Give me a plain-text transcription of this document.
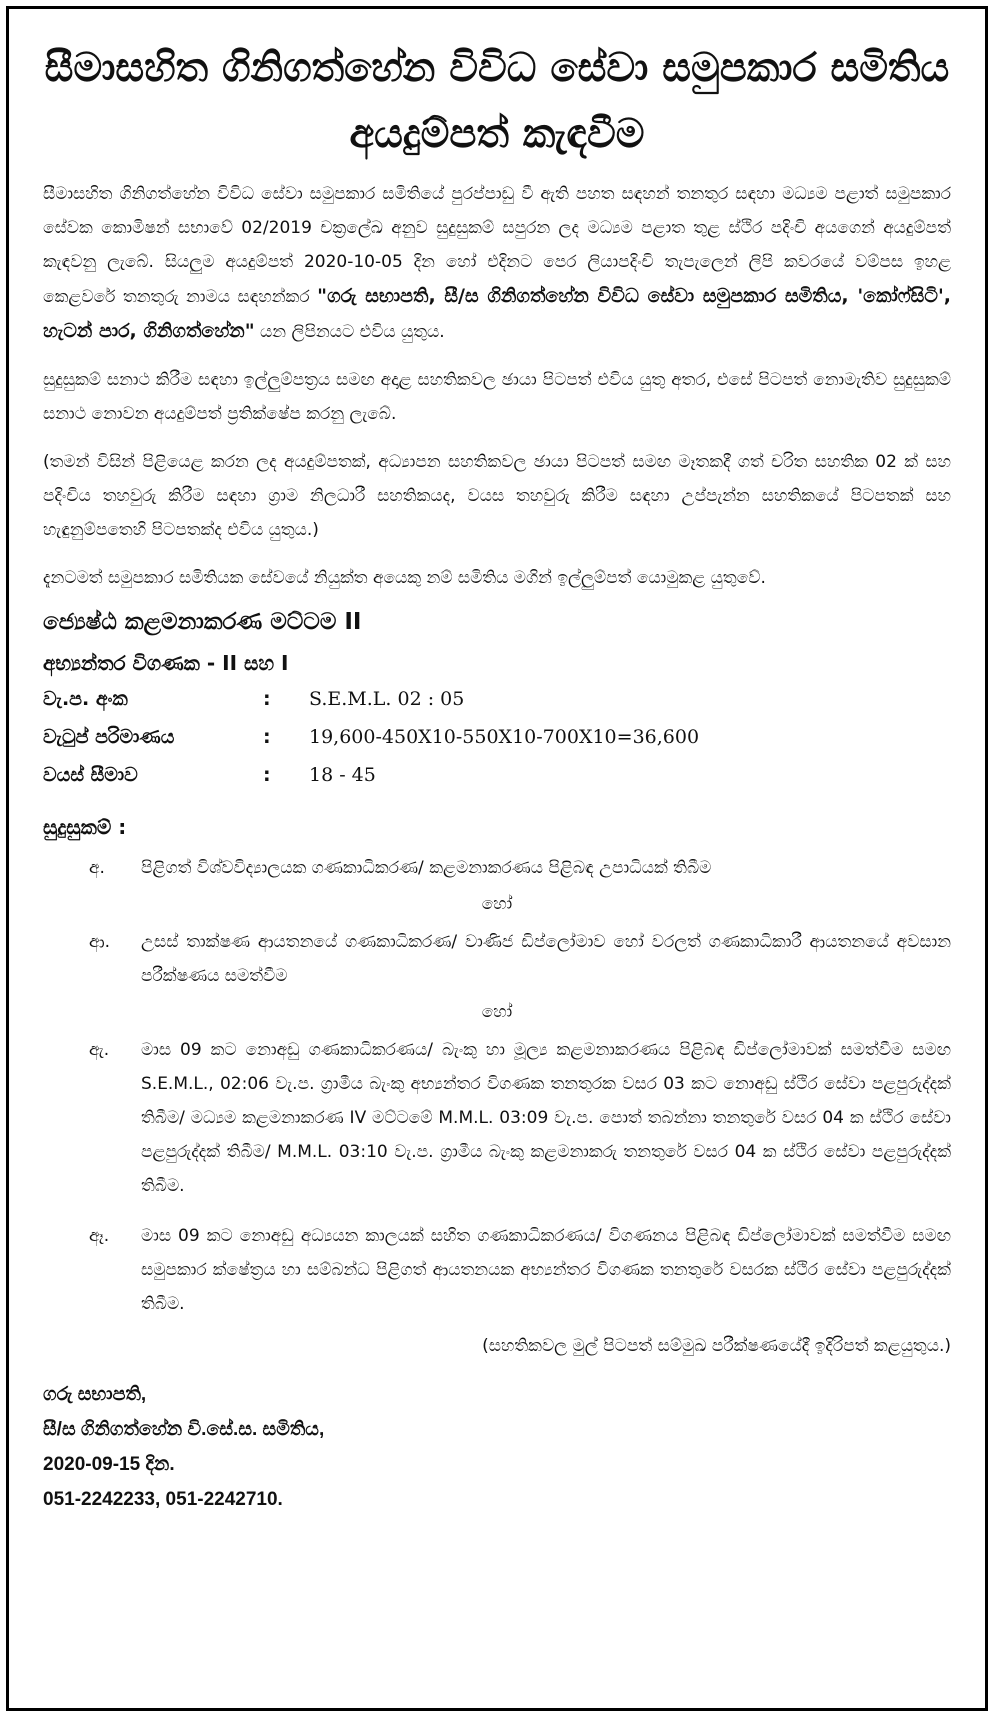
සීමාසහිත ගිනිගත්හේන විවිධ සේවා සමුපකාර සමිතිය
අයදුම්පත් කැඳවීම

සීමාසහිත ගිනිගත්හේන විවිධ සේවා සමුපකාර සමිතියේ පුරප්පාඩු වී ඇති පහත සඳහන් තනතුර සඳහා මධ්‍යම පළාත් සමුපකාර සේවක කොමිෂන් සභාවේ 02/2019 චක්‍රලේඛ අනුව සුදුසුකම් සපුරන ලද මධ්‍යම පළාත තුළ ස්ථිර පදිංචි අයගෙන් අයදුම්පත් කැඳවනු ලැබේ. සියලුම අයදුම්පත් 2020-10-05 දින හෝ එදිනට පෙර ලියාපදිංචි තැපැලෙන් ලිපි කවරයේ වම්පස ඉහළ කෙළවරේ තනතුරු නාමය සඳහන්කර "ගරු සභාපති, සී/ස ගිනිගත්හේන විවිධ සේවා සමුපකාර සමිතිය, 'කෝෆ්සිටි', හැටන් පාර, ගිනිගත්හේන" යන ලිපිනයට එවිය යුතුය.

සුදුසුකම් සනාථ කිරීම සඳහා ඉල්ලුම්පත්‍රය සමඟ අදාළ සහතිකවල ඡායා පිටපත් එවිය යුතු අතර, එසේ පිටපත් නොමැතිව සුදුසුකම් සනාථ නොවන අයදුම්පත් ප්‍රතික්ෂේප කරනු ලැබේ.

(තමන් විසින් පිළියෙළ කරන ලද අයදුම්පතක්, අධ්‍යාපන සහතිකවල ඡායා පිටපත් සමඟ මෑතකදී ගත් චරිත සහතික 02 ක් සහ පදිංචිය තහවුරු කිරීම සඳහා ග්‍රාම නිලධාරී සහතිකයද, වයස තහවුරු කිරීම සඳහා උප්පැන්න සහතිකයේ පිටපතක් සහ හැඳුනුම්පතෙහි පිටපතක්ද එවිය යුතුය.)

දැනටමත් සමුපකාර සමිතියක සේවයේ නියුක්ත අයෙකු නම් සමිතිය මගින් ඉල්ලුම්පත් යොමුකළ යුතුවේ.

ජ්‍යෙෂ්ඨ කළමනාකරණ මට්ටම II
අභ්‍යන්තර විගණක - II සහ I
වැ.ප. අංක	:	S.E.M.L. 02 : 05
වැටුප් පරිමාණය	:	19,600-450X10-550X10-700X10=36,600
වයස් සීමාව	:	18 - 45
සුදුසුකම් :
අ.	පිළිගත් විශ්වවිද්‍යාලයක ගණකාධිකරණ/ කළමනාකරණය පිළිබඳ උපාධියක් තිබීම
හෝ
ආ.	උසස් තාක්ෂණ ආයතනයේ ගණකාධිකරණ/ වාණිජ ඩිප්ලෝමාව හෝ වරලත් ගණකාධිකාරී ආයතනයේ අවසාන පරීක්ෂණය සමත්වීම
හෝ
ඇ.	මාස 09 කට නොඅඩු ගණකාධිකරණය/ බැංකු හා මූල්‍ය කළමනාකරණය පිළිබඳ ඩිප්ලෝමාවක් සමත්වීම සමඟ S.E.M.L., 02:06 වැ.ප. ග්‍රාමීය බැංකු අභ්‍යන්තර විගණක තනතුරක වසර 03 කට නොඅඩු ස්ථිර සේවා පළපුරුද්දක් තිබීම/ මධ්‍යම කළමනාකරණ IV මට්ටමේ M.M.L. 03:09 වැ.ප. පොත් තබන්නා තනතුරේ වසර 04 ක ස්ථිර සේවා පළපුරුද්දක් තිබීම/ M.M.L. 03:10 වැ.ප. ග්‍රාමීය බැංකු කළමනාකරු තනතුරේ වසර 04 ක ස්ථිර සේවා පළපුරුද්දක් තිබීම.
ඈ.	මාස 09 කට නොඅඩු අධ්‍යයන කාලයක් සහිත ගණකාධිකරණය/ විගණනය පිළිබඳ ඩිප්ලෝමාවක් සමත්වීම සමඟ සමුපකාර ක්ෂේත්‍රය හා සම්බන්ධ පිළිගත් ආයතනයක අභ්‍යන්තර විගණක තනතුරේ වසරක ස්ථිර සේවා පළපුරුද්දක් තිබීම.
(සහතිකවල මුල් පිටපත් සම්මුඛ පරීක්ෂණයේදී ඉදිරිපත් කළයුතුය.)
ගරු සභාපති,
සී/ස ගිනිගත්හේන වි.සේ.ස. සමිතිය,
2020-09-15 දින.
051-2242233, 051-2242710.
